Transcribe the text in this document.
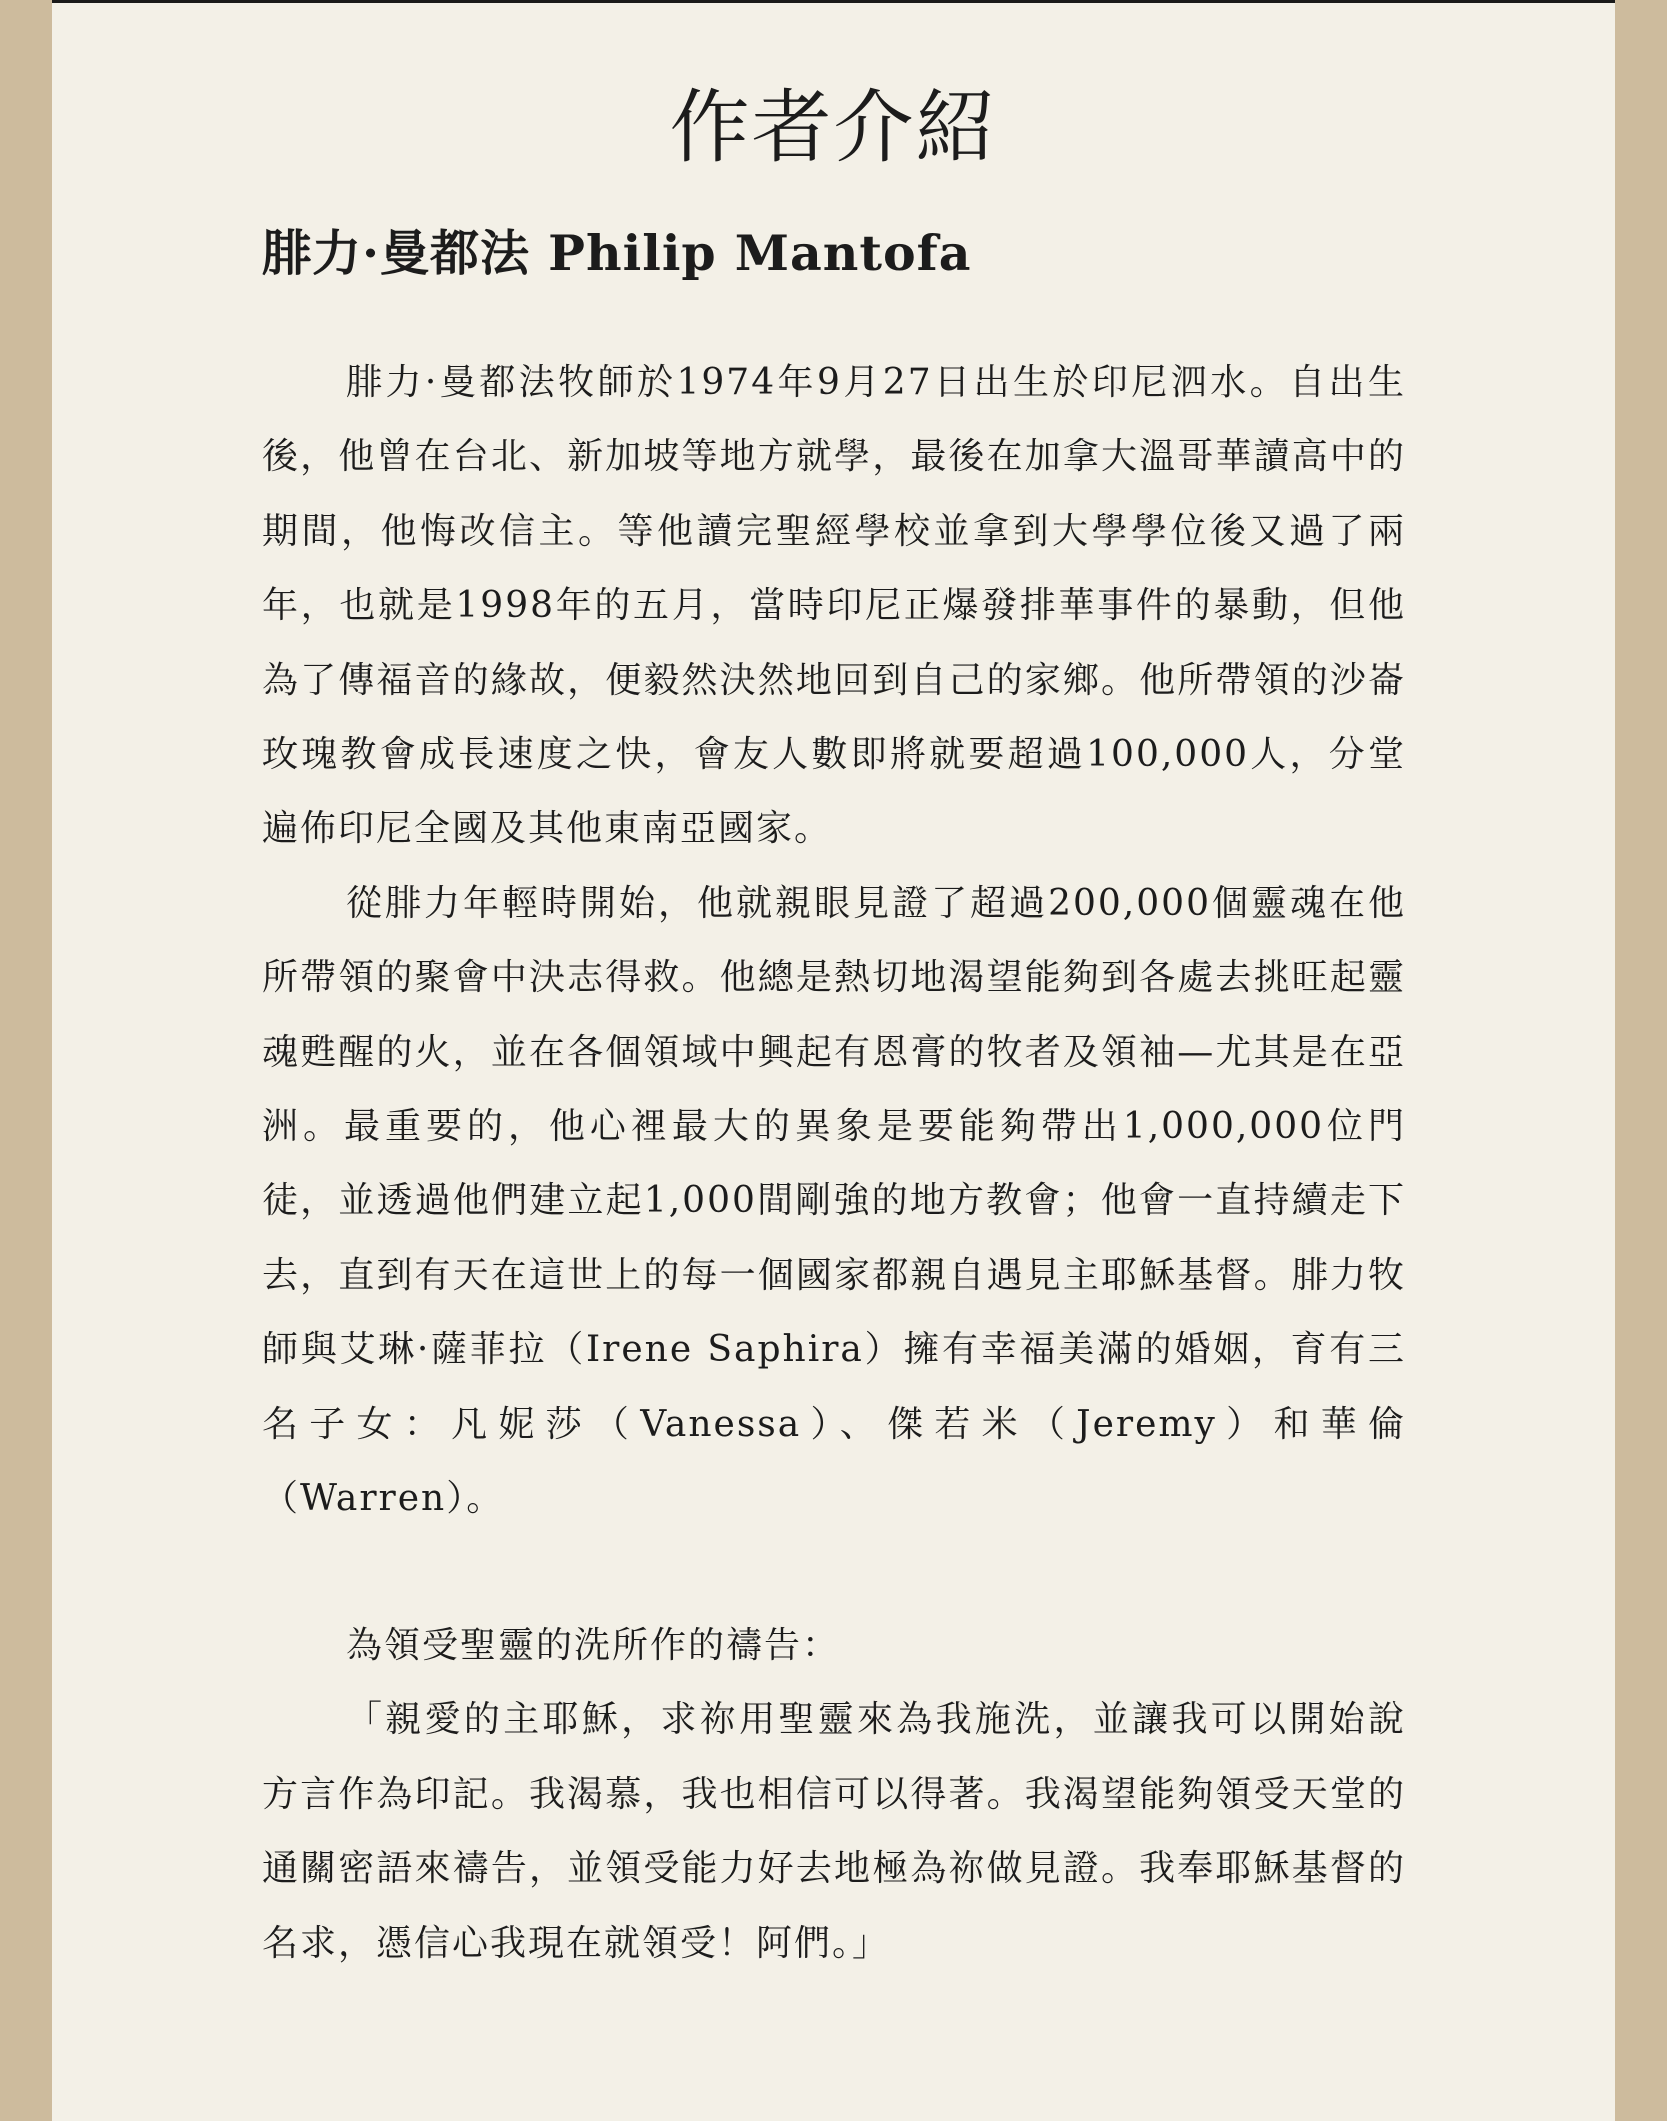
作者介紹
腓力·曼都法 Philip Mantofa

腓力·曼都法牧師於1974年9月27日出生於印尼泗水。自出生後，他曾在台北、新加坡等地方就學，最後在加拿大溫哥華讀高中的期間，他悔改信主。等他讀完聖經學校並拿到大學學位後又過了兩年，也就是1998年的五月，當時印尼正爆發排華事件的暴動，但他為了傳福音的緣故，便毅然決然地回到自己的家鄉。他所帶領的沙崙玫瑰教會成長速度之快，會友人數即將就要超過100,000人，分堂遍佈印尼全國及其他東南亞國家。

從腓力年輕時開始，他就親眼見證了超過200,000個靈魂在他所帶領的聚會中決志得救。他總是熱切地渴望能夠到各處去挑旺起靈魂甦醒的火，並在各個領域中興起有恩膏的牧者及領袖—尤其是在亞洲。最重要的，他心裡最大的異象是要能夠帶出1,000,000位門徒，並透過他們建立起1,000間剛強的地方教會；他會一直持續走下去，直到有天在這世上的每一個國家都親自遇見主耶穌基督。腓力牧師與艾琳·薩菲拉（Irene Saphira）擁有幸福美滿的婚姻，育有三名子女：凡妮莎（Vanessa）、傑若米（Jeremy）和華倫（Warren）。

為領受聖靈的洗所作的禱告：

「親愛的主耶穌，求祢用聖靈來為我施洗，並讓我可以開始說方言作為印記。我渴慕，我也相信可以得著。我渴望能夠領受天堂的通關密語來禱告，並領受能力好去地極為祢做見證。我奉耶穌基督的名求，憑信心我現在就領受！阿們。」
